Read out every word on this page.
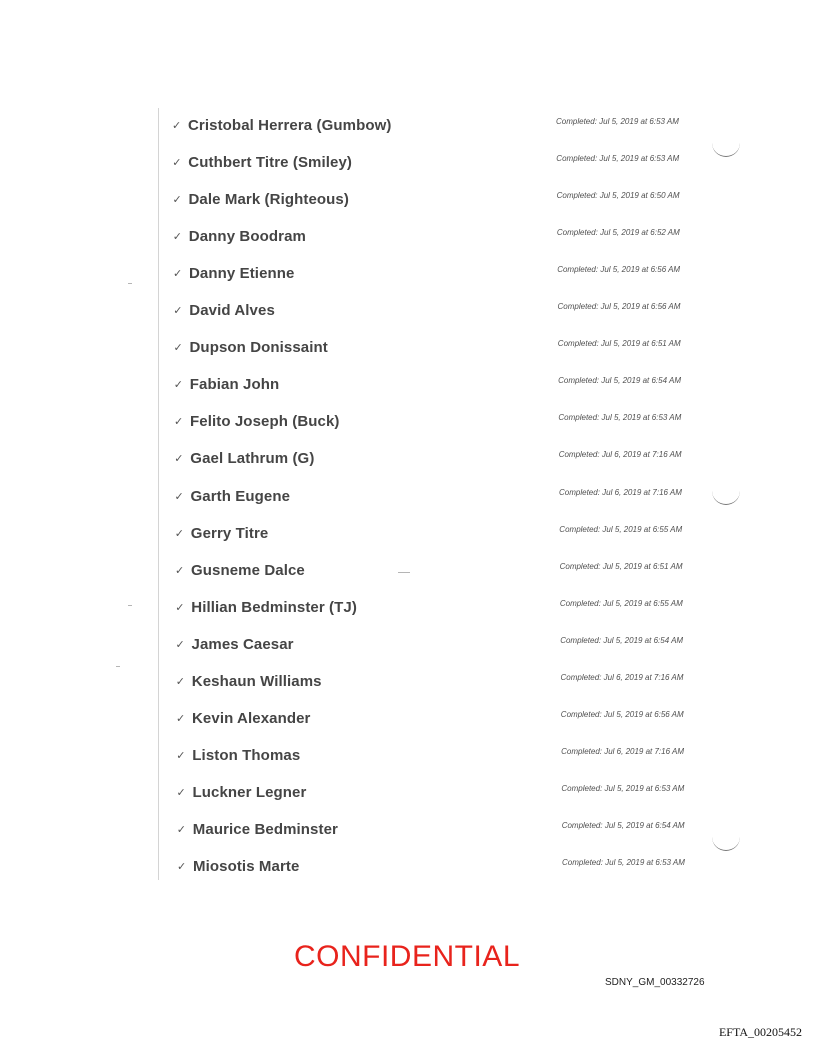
✓ Cristobal Herrera (Gumbow)	Completed: Jul 5, 2019 at 6:53 AM
✓ Cuthbert Titre (Smiley)	Completed: Jul 5, 2019 at 6:53 AM
✓ Dale Mark (Righteous)	Completed: Jul 5, 2019 at 6:50 AM
✓ Danny Boodram	Completed: Jul 5, 2019 at 6:52 AM
✓ Danny Etienne	Completed: Jul 5, 2019 at 6:56 AM
✓ David Alves	Completed: Jul 5, 2019 at 6:56 AM
✓ Dupson Donissaint	Completed: Jul 5, 2019 at 6:51 AM
✓ Fabian John	Completed: Jul 5, 2019 at 6:54 AM
✓ Felito Joseph (Buck)	Completed: Jul 5, 2019 at 6:53 AM
✓ Gael Lathrum (G)	Completed: Jul 6, 2019 at 7:16 AM
✓ Garth Eugene	Completed: Jul 6, 2019 at 7:16 AM
✓ Gerry Titre	Completed: Jul 5, 2019 at 6:55 AM
✓ Gusneme Dalce	Completed: Jul 5, 2019 at 6:51 AM
✓ Hillian Bedminster (TJ)	Completed: Jul 5, 2019 at 6:55 AM
✓ James Caesar	Completed: Jul 5, 2019 at 6:54 AM
✓ Keshaun Williams	Completed: Jul 6, 2019 at 7:16 AM
✓ Kevin Alexander	Completed: Jul 5, 2019 at 6:56 AM
✓ Liston Thomas	Completed: Jul 6, 2019 at 7:16 AM
✓ Luckner Legner	Completed: Jul 5, 2019 at 6:53 AM
✓ Maurice Bedminster	Completed: Jul 5, 2019 at 6:54 AM
✓ Miosotis Marte	Completed: Jul 5, 2019 at 6:53 AM
CONFIDENTIAL
SDNY_GM_00332726
EFTA_00205452
